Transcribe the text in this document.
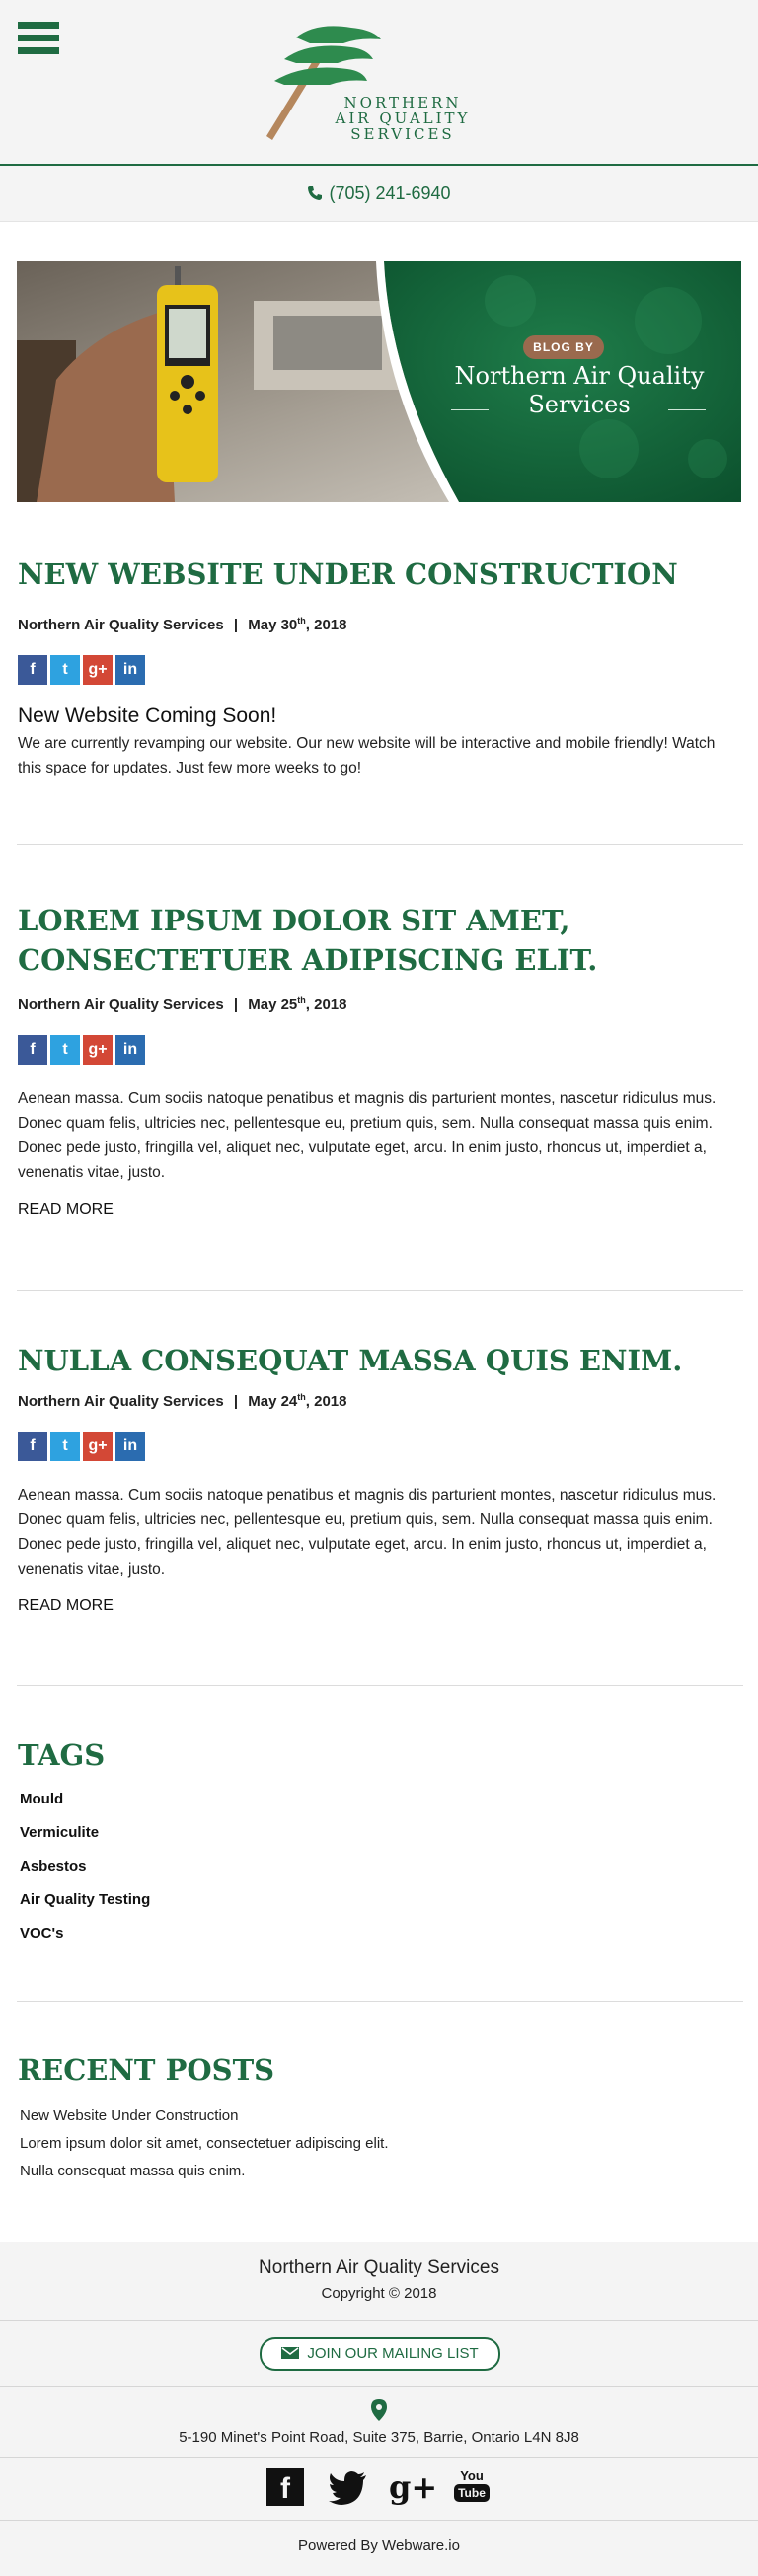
NORTHERN
AIR QUALITY
SERVICES
(705) 241-6940
BLOG BY
Northern Air Quality
Services
NEW WEBSITE UNDER CONSTRUCTION
Northern Air Quality Services | May 30th, 2018
f	t	g+	in
New Website Coming Soon!
We are currently revamping our website. Our new website will be interactive and mobile friendly! Watch this space for updates. Just few more weeks to go!
LOREM IPSUM DOLOR SIT AMET,
CONSECTETUER ADIPISCING ELIT.
Northern Air Quality Services | May 25th, 2018
f	t	g+	in
Aenean massa. Cum sociis natoque penatibus et magnis dis parturient montes, nascetur ridiculus mus. Donec quam felis, ultricies nec, pellentesque eu, pretium quis, sem. Nulla consequat massa quis enim. Donec pede justo, fringilla vel, aliquet nec, vulputate eget, arcu. In enim justo, rhoncus ut, imperdiet a, venenatis vitae, justo.
READ MORE
NULLA CONSEQUAT MASSA QUIS ENIM.
Northern Air Quality Services | May 24th, 2018
f	t	g+	in
Aenean massa. Cum sociis natoque penatibus et magnis dis parturient montes, nascetur ridiculus mus. Donec quam felis, ultricies nec, pellentesque eu, pretium quis, sem. Nulla consequat massa quis enim. Donec pede justo, fringilla vel, aliquet nec, vulputate eget, arcu. In enim justo, rhoncus ut, imperdiet a, venenatis vitae, justo.
READ MORE
TAGS
Mould
Vermiculite
Asbestos
Air Quality Testing
VOC's
RECENT POSTS
New Website Under Construction
Lorem ipsum dolor sit amet, consectetuer adipiscing elit.
Nulla consequat massa quis enim.
Northern Air Quality Services
Copyright © 2018
JOIN OUR MAILING LIST
5-190 Minet's Point Road, Suite 375, Barrie, Ontario L4N 8J8
f	g+	You
Tube
Powered By Webware.io
